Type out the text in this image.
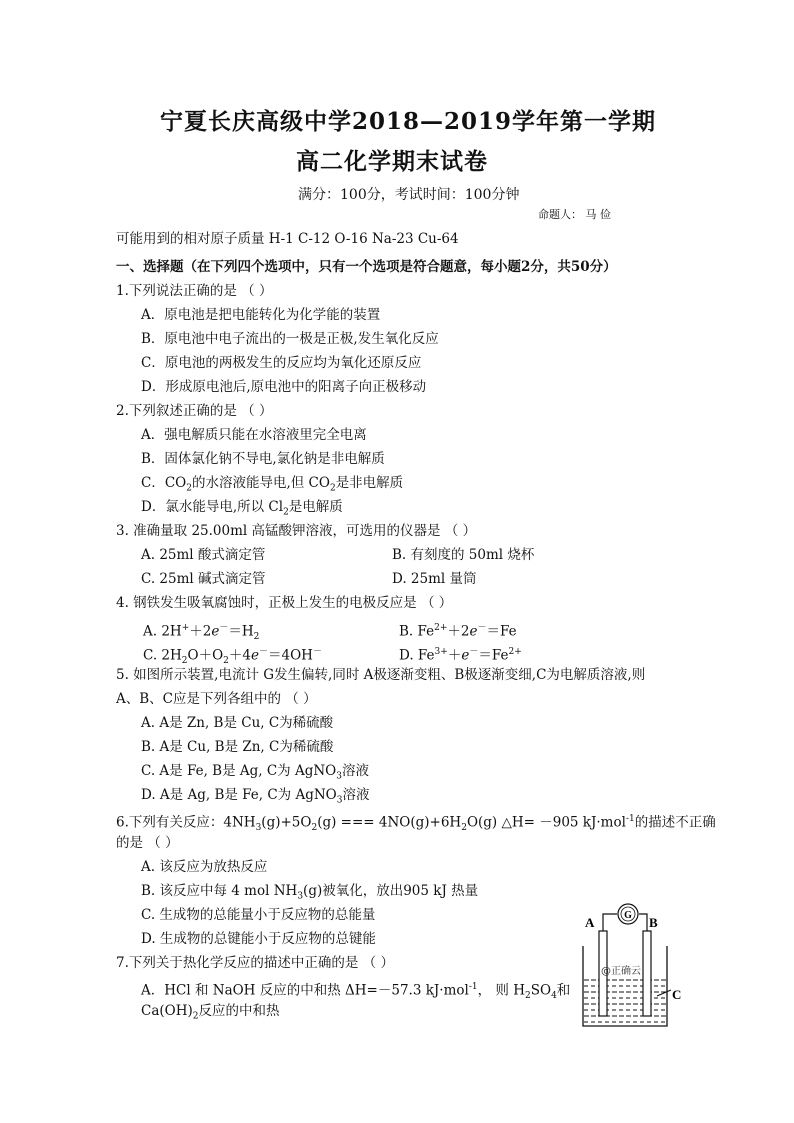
宁夏长庆高级中学2018—2019学年第一学期
高二化学期末试卷
满分：100分，考试时间：100分钟
命题人： 马 俭
可能用到的相对原子质量 H-1 C-12 O-16 Na-23 Cu-64
一、选择题（在下列四个选项中，只有一个选项是符合题意，每小题2分，共50分）
1.下列说法正确的是 （ ）
A．原电池是把电能转化为化学能的装置
B．原电池中电子流出的一极是正极,发生氧化反应
C．原电池的两极发生的反应均为氧化还原反应
D．形成原电池后,原电池中的阳离子向正极移动
2.下列叙述正确的是 （ ）
A．强电解质只能在水溶液里完全电离
B．固体氯化钠不导电,氯化钠是非电解质
C．$CO_2$的水溶液能导电,但 $CO_2$是非电解质
D．氯水能导电,所以 $Cl_2$是电解质
3. 准确量取 25.00ml 高锰酸钾溶液，可选用的仪器是 （ ）
A. 25ml 酸式滴定管	B. 有刻度的 50ml 烧杯
C. 25ml 碱式滴定管	D. 25ml 量筒
4. 钢铁发生吸氧腐蚀时，正极上发生的电极反应是 （ ）
A. $2H^++2e^-=H_2$	B. $Fe^{2+}+2e^-=Fe$
C. $2H_2O+O_2+4e^-=4OH^-$	D. $Fe^{3+}+e^-=Fe^{2+}$
5. 如图所示装置,电流计 G发生偏转,同时 A极逐渐变粗、B极逐渐变细,C为电解质溶液,则
A、B、C应是下列各组中的 （ ）
A. A是 Zn, B是 Cu, C为稀硫酸
B. A是 Cu, B是 Zn, C为稀硫酸
C. A是 Fe, B是 Ag, C为 AgNO$_3$溶液
D. A是 Ag, B是 Fe, C为 AgNO$_3$溶液
6.下列有关反应：$4NH_3(g)+5O_2(g)$ === $4NO(g)+6H_2O(g)$ △H= －905 kJ·mol$^{-1}$的描述不正确
的是 （ ）
A. 该反应为放热反应
B. 该反应中每 4 mol $NH_3(g)$被氧化，放出905 kJ 热量
C. 生成物的总能量小于反应物的总能量
D. 生成物的总键能小于反应物的总键能
7.下列关于热化学反应的描述中正确的是 （ ）
A．HCl 和 NaOH 反应的中和热 ΔH=－57.3 kJ·mol$^{-1}$， 则 $H_2SO_4$和
$Ca(OH)_2$反应的中和热
G
A	B
@正确云
C
